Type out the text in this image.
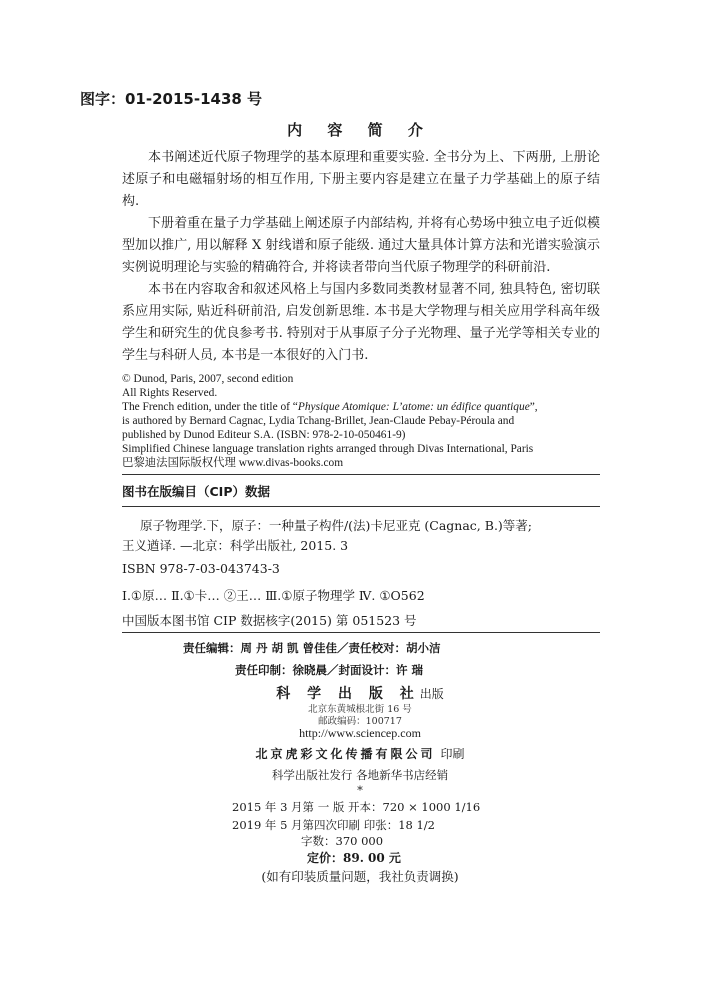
图字：01-2015-1438 号
内 容 简 介

本书阐述近代原子物理学的基本原理和重要实验. 全书分为上、下两册, 上册论述原子和电磁辐射场的相互作用, 下册主要内容是建立在量子力学基础上的原子结构.

下册着重在量子力学基础上阐述原子内部结构, 并将有心势场中独立电子近似模型加以推广, 用以解释 X 射线谱和原子能级. 通过大量具体计算方法和光谱实验演示实例说明理论与实验的精确符合, 并将读者带向当代原子物理学的科研前沿.

本书在内容取舍和叙述风格上与国内多数同类教材显著不同, 独具特色, 密切联系应用实际, 贴近科研前沿, 启发创新思维. 本书是大学物理与相关应用学科高年级学生和研究生的优良参考书. 特别对于从事原子分子光物理、量子光学等相关专业的学生与科研人员, 本书是一本很好的入门书.

© Dunod, Paris, 2007, second edition
All Rights Reserved.
The French edition, under the title of “Physique Atomique: L’atome: un édifice quantique”,
is authored by Bernard Cagnac, Lydia Tchang-Brillet, Jean-Claude Pebay-Péroula and
published by Dunod Editeur S.A. (ISBN: 978-2-10-050461-9)
Simplified Chinese language translation rights arranged through Divas International, Paris
巴黎迪法国际版权代理 www.divas-books.com
图书在版编目（CIP）数据
原子物理学.下，原子：一种量子构件/(法)卡尼亚克 (Cagnac, B.)等著;
王义遒译. —北京：科学出版社, 2015. 3
ISBN 978-7-03-043743-3
Ⅰ.①原… Ⅱ.①卡… ②王… Ⅲ.①原子物理学 Ⅳ. ①O562
中国版本图书馆 CIP 数据核字(2015) 第 051523 号
责任编辑：周 丹 胡 凯 曾佳佳／责任校对：胡小洁
责任印制：徐晓晨／封面设计：许 瑞
科 学 出 版 社出版
北京东黄城根北街 16 号
邮政编码：100717
http://www.sciencep.com
北京虎彩文化传播有限公司 印刷
科学出版社发行 各地新华书店经销
*
2015 年 3 月第 一 版 开本：720 × 1000 1/16
2019 年 5 月第四次印刷 印张：18 1/2
字数：370 000
定价：89. 00 元
(如有印装质量问题，我社负责调换)
